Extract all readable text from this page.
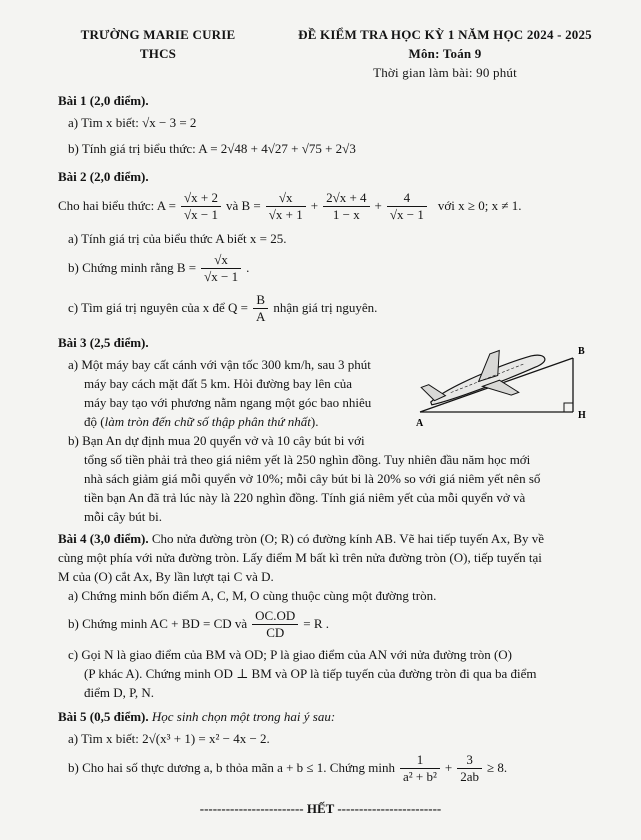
TRƯỜNG MARIE CURIE
THCS
ĐỀ KIỂM TRA HỌC KỲ 1 NĂM HỌC 2024 - 2025
Môn: Toán 9
Thời gian làm bài: 90 phút
Bài 1 (2,0 điểm).
a) Tìm x biết: √x − 3 = 2
b) Tính giá trị biểu thức: A = 2√48 + 4√27 + √75 + 2√3
Bài 2 (2,0 điểm).
Cho hai biểu thức: $A = \frac{√x + 2}{√x - 1}$ và $B = \frac{√x}{√x + 1} + \frac{2√x + 4}{1 - x} + \frac{4}{√x - 1}$ với x ≥ 0; x ≠ 1.
a) Tính giá trị của biểu thức A biết x = 25.
b) Chứng minh rằng $B = \frac{√x}{√x - 1}$ .
c) Tìm giá trị nguyên của x để $Q = \frac{B}{A}$ nhận giá trị nguyên.
Bài 3 (2,5 điểm).
a) Một máy bay cất cánh với vận tốc 300 km/h, sau 3 phút
máy bay cách mặt đất 5 km. Hỏi đường bay lên của
máy bay tạo với phương nằm ngang một góc bao nhiêu
độ (làm tròn đến chữ số thập phân thứ nhất).
b) Bạn An dự định mua 20 quyển vở và 10 cây bút bi với
tổng số tiền phải trả theo giá niêm yết là 250 nghìn đồng. Tuy nhiên đầu năm học mới
nhà sách giảm giá mỗi quyển vở 10%; mỗi cây bút bi là 20% so với giá niêm yết nên số
tiền bạn An đã trả lúc này là 220 nghìn đồng. Tính giá niêm yết của mỗi quyển vở và
mỗi cây bút bi.
B
A
H
Bài 4 (3,0 điểm). Cho nửa đường tròn (O; R) có đường kính AB. Vẽ hai tiếp tuyến Ax, By về
cùng một phía với nửa đường tròn. Lấy điểm M bất kì trên nửa đường tròn (O), tiếp tuyến tại
M của (O) cắt Ax, By lần lượt tại C và D.
a) Chứng minh bốn điểm A, C, M, O cùng thuộc cùng một đường tròn.
b) Chứng minh AC + BD = CD và $\frac{OC.OD}{CD} = R$ .
c) Gọi N là giao điểm của BM và OD; P là giao điểm của AN với nửa đường tròn (O)
(P khác A). Chứng minh OD ⊥ BM và OP là tiếp tuyến của đường tròn đi qua ba điểm
điểm D, P, N.
Bài 5 (0,5 điểm). Học sinh chọn một trong hai ý sau:
a) Tìm x biết: 2√(x³ + 1) = x² − 4x − 2.
b) Cho hai số thực dương a, b thỏa mãn a + b ≤ 1. Chứng minh $\frac{1}{\text{a² + b²}} + \frac{3}{2ab} \ge 8$.
------------------------ HẾT ------------------------
